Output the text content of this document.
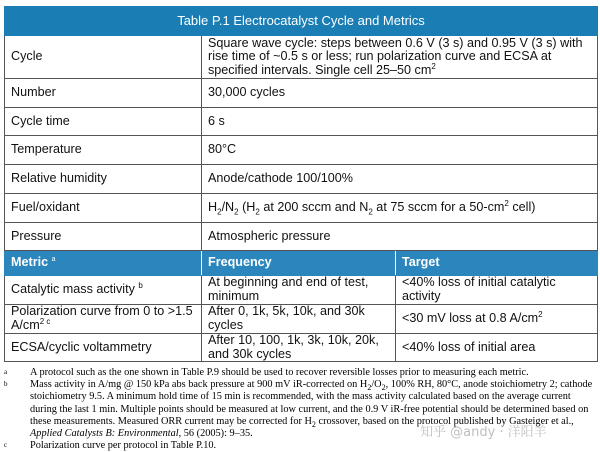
Table P.1 Electrocatalyst Cycle and Metrics		
Cycle	Square wave cycle: steps between 0.6 V (3 s) and 0.95 V (3 s) with rise time of ~0.5 s or less; run polarization curve and ECSA at specified intervals. Single cell 25–50 $cm^2$
Number	30,000 cycles	
Cycle time	6 s	
Temperature	80°C	
Relative humidity	Anode/cathode 100/100%	
Fuel/oxidant	$H_2/N_2$ ($H_2$ at 200 sccm and $N_2$ at 75 sccm for a $50-cm^2$ cell)	
Pressure	Atmospheric pressure	
Metric $^a$	Frequency	Target
Catalytic mass activity $^b$	At beginning and end of test, minimum	<40% loss of initial catalytic activity
Polarization curve from 0 to >1.5 $A/cm^{2 c}$	After 0, 1k, 5k, 10k, and 30k cycles	<30 mV loss at 0.8 $A/cm^2$
ECSA/cyclic voltammetry	After 10, 100, 1k, 3k, 10k, 20k, and 30k cycles	<40% loss of initial area
a	A protocol such as the one shown in Table P.9 should be used to recover reversible losses prior to measuring each metric.
b	Mass activity in A/mg @ 150 kPa abs back pressure at 900 mV iR-corrected on $H_2/O_2$, 100% RH, 80°C, anode stoichiometry 2; cathode stoichiometry 9.5. A minimum hold time of 15 min is recommended, with the mass activity calculated based on the average current during the last 1 min. Multiple points should be measured at low current, and the 0.9 V iR-free potential should be determined based on these measurements. Measured ORR current may be corrected for $H_2$ crossover, based on the protocol published by Gasteiger et al., Applied Catalysts B: Environmental, 56 (2005): 9–35.
c	Polarization curve per protocol in Table P.10.
知乎 @andy · 洋阳羊
